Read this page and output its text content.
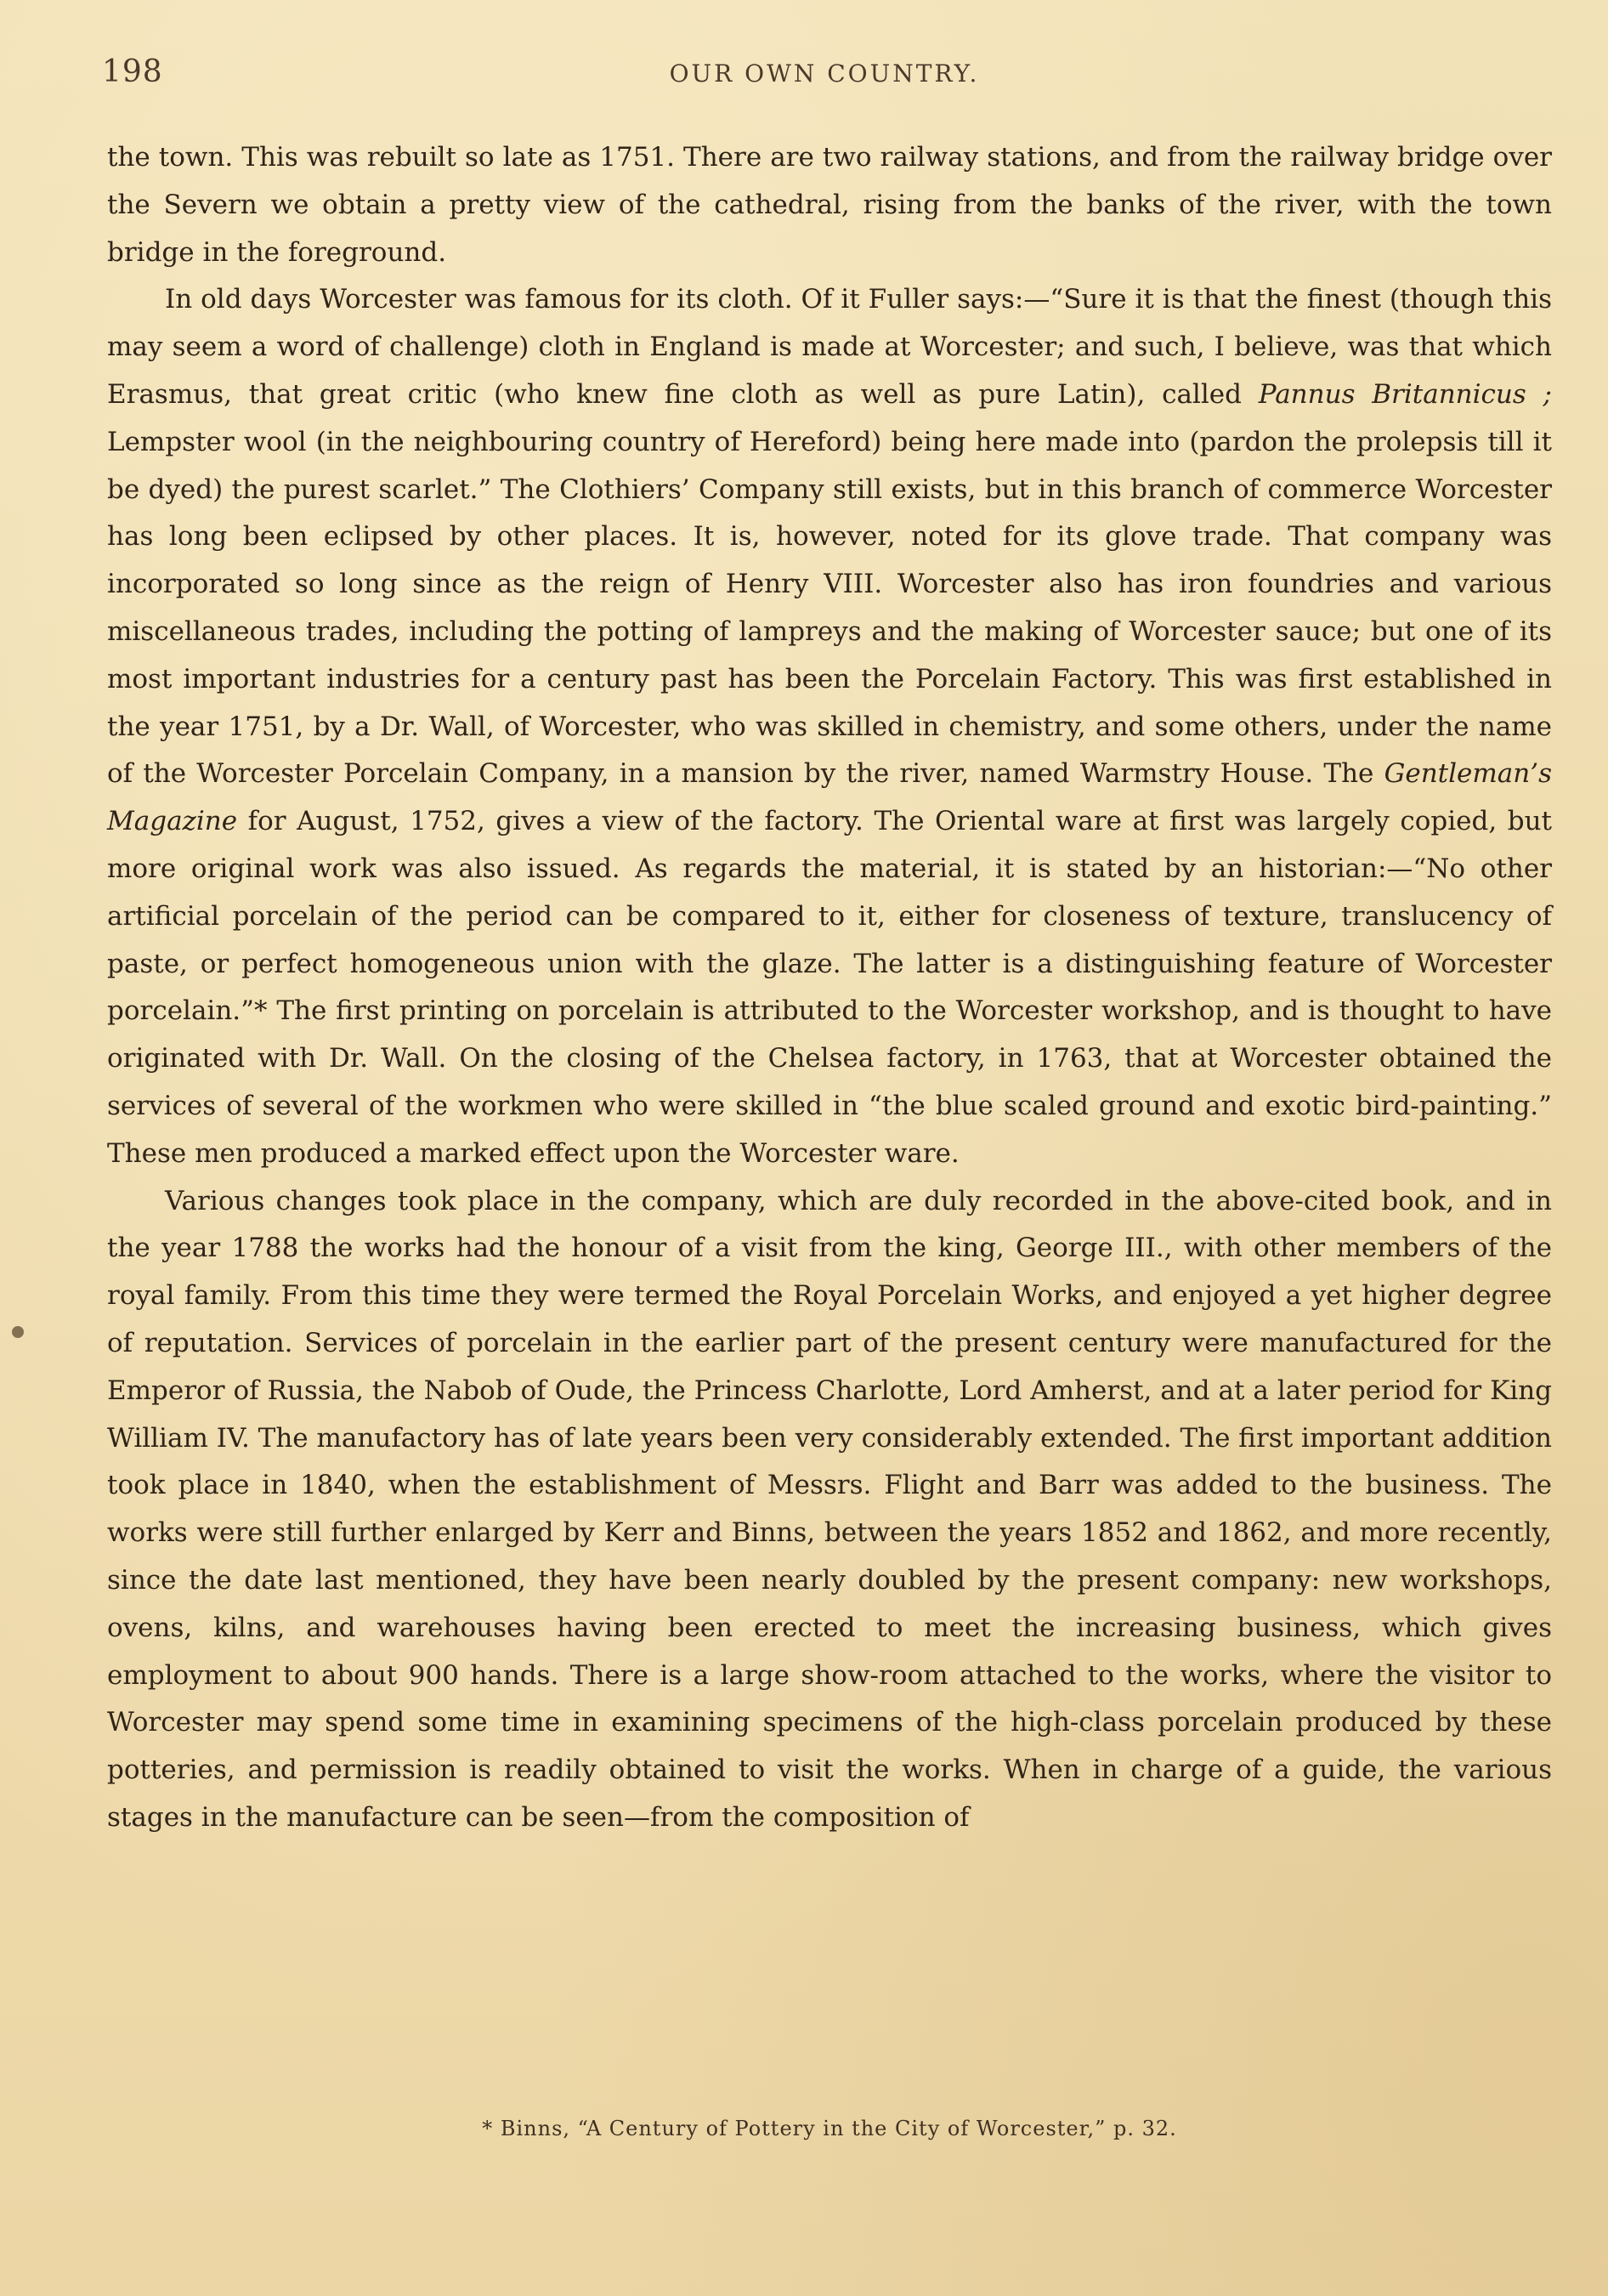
198	OUR OWN COUNTRY.

the town. This was rebuilt so late as 1751. There are two railway stations, and from the railway bridge over the Severn we obtain a pretty view of the cathedral, rising from the banks of the river, with the town bridge in the foreground.

In old days Worcester was famous for its cloth. Of it Fuller says:—“Sure it is that the finest (though this may seem a word of challenge) cloth in England is made at Worcester; and such, I believe, was that which Erasmus, that great critic (who knew fine cloth as well as pure Latin), called Pannus Britannicus ; Lempster wool (in the neighbouring country of Hereford) being here made into (pardon the prolepsis till it be dyed) the purest scarlet.” The Clothiers’ Company still exists, but in this branch of commerce Worcester has long been eclipsed by other places. It is, however, noted for its glove trade. That company was incorporated so long since as the reign of Henry VIII. Worcester also has iron foundries and various miscellaneous trades, including the potting of lampreys and the making of Worcester sauce; but one of its most important industries for a century past has been the Porcelain Factory. This was first established in the year 1751, by a Dr. Wall, of Worcester, who was skilled in chemistry, and some others, under the name of the Worcester Porcelain Company, in a mansion by the river, named Warmstry House. The Gentleman’s Magazine for August, 1752, gives a view of the factory. The Oriental ware at first was largely copied, but more original work was also issued. As regards the material, it is stated by an historian:—“No other artificial porcelain of the period can be compared to it, either for closeness of texture, translucency of paste, or perfect homogeneous union with the glaze. The latter is a distinguishing feature of Worcester porcelain.”* The first printing on porcelain is attributed to the Worcester workshop, and is thought to have originated with Dr. Wall. On the closing of the Chelsea factory, in 1763, that at Worcester obtained the services of several of the workmen who were skilled in “the blue scaled ground and exotic bird-painting.” These men produced a marked effect upon the Worcester ware.

Various changes took place in the company, which are duly recorded in the above-cited book, and in the year 1788 the works had the honour of a visit from the king, George III., with other members of the royal family. From this time they were termed the Royal Porcelain Works, and enjoyed a yet higher degree of reputation. Services of porcelain in the earlier part of the present century were manufactured for the Emperor of Russia, the Nabob of Oude, the Princess Charlotte, Lord Amherst, and at a later period for King William IV. The manufactory has of late years been very considerably extended. The first important addition took place in 1840, when the establishment of Messrs. Flight and Barr was added to the business. The works were still further enlarged by Kerr and Binns, between the years 1852 and 1862, and more recently, since the date last mentioned, they have been nearly doubled by the present company: new workshops, ovens, kilns, and warehouses having been erected to meet the increasing business, which gives employment to about 900 hands. There is a large show-room attached to the works, where the visitor to Worcester may spend some time in examining specimens of the high-class porcelain produced by these potteries, and permission is readily obtained to visit the works. When in charge of a guide, the various stages in the manufacture can be seen—from the composition of

* Binns, “A Century of Pottery in the City of Worcester,” p. 32.
